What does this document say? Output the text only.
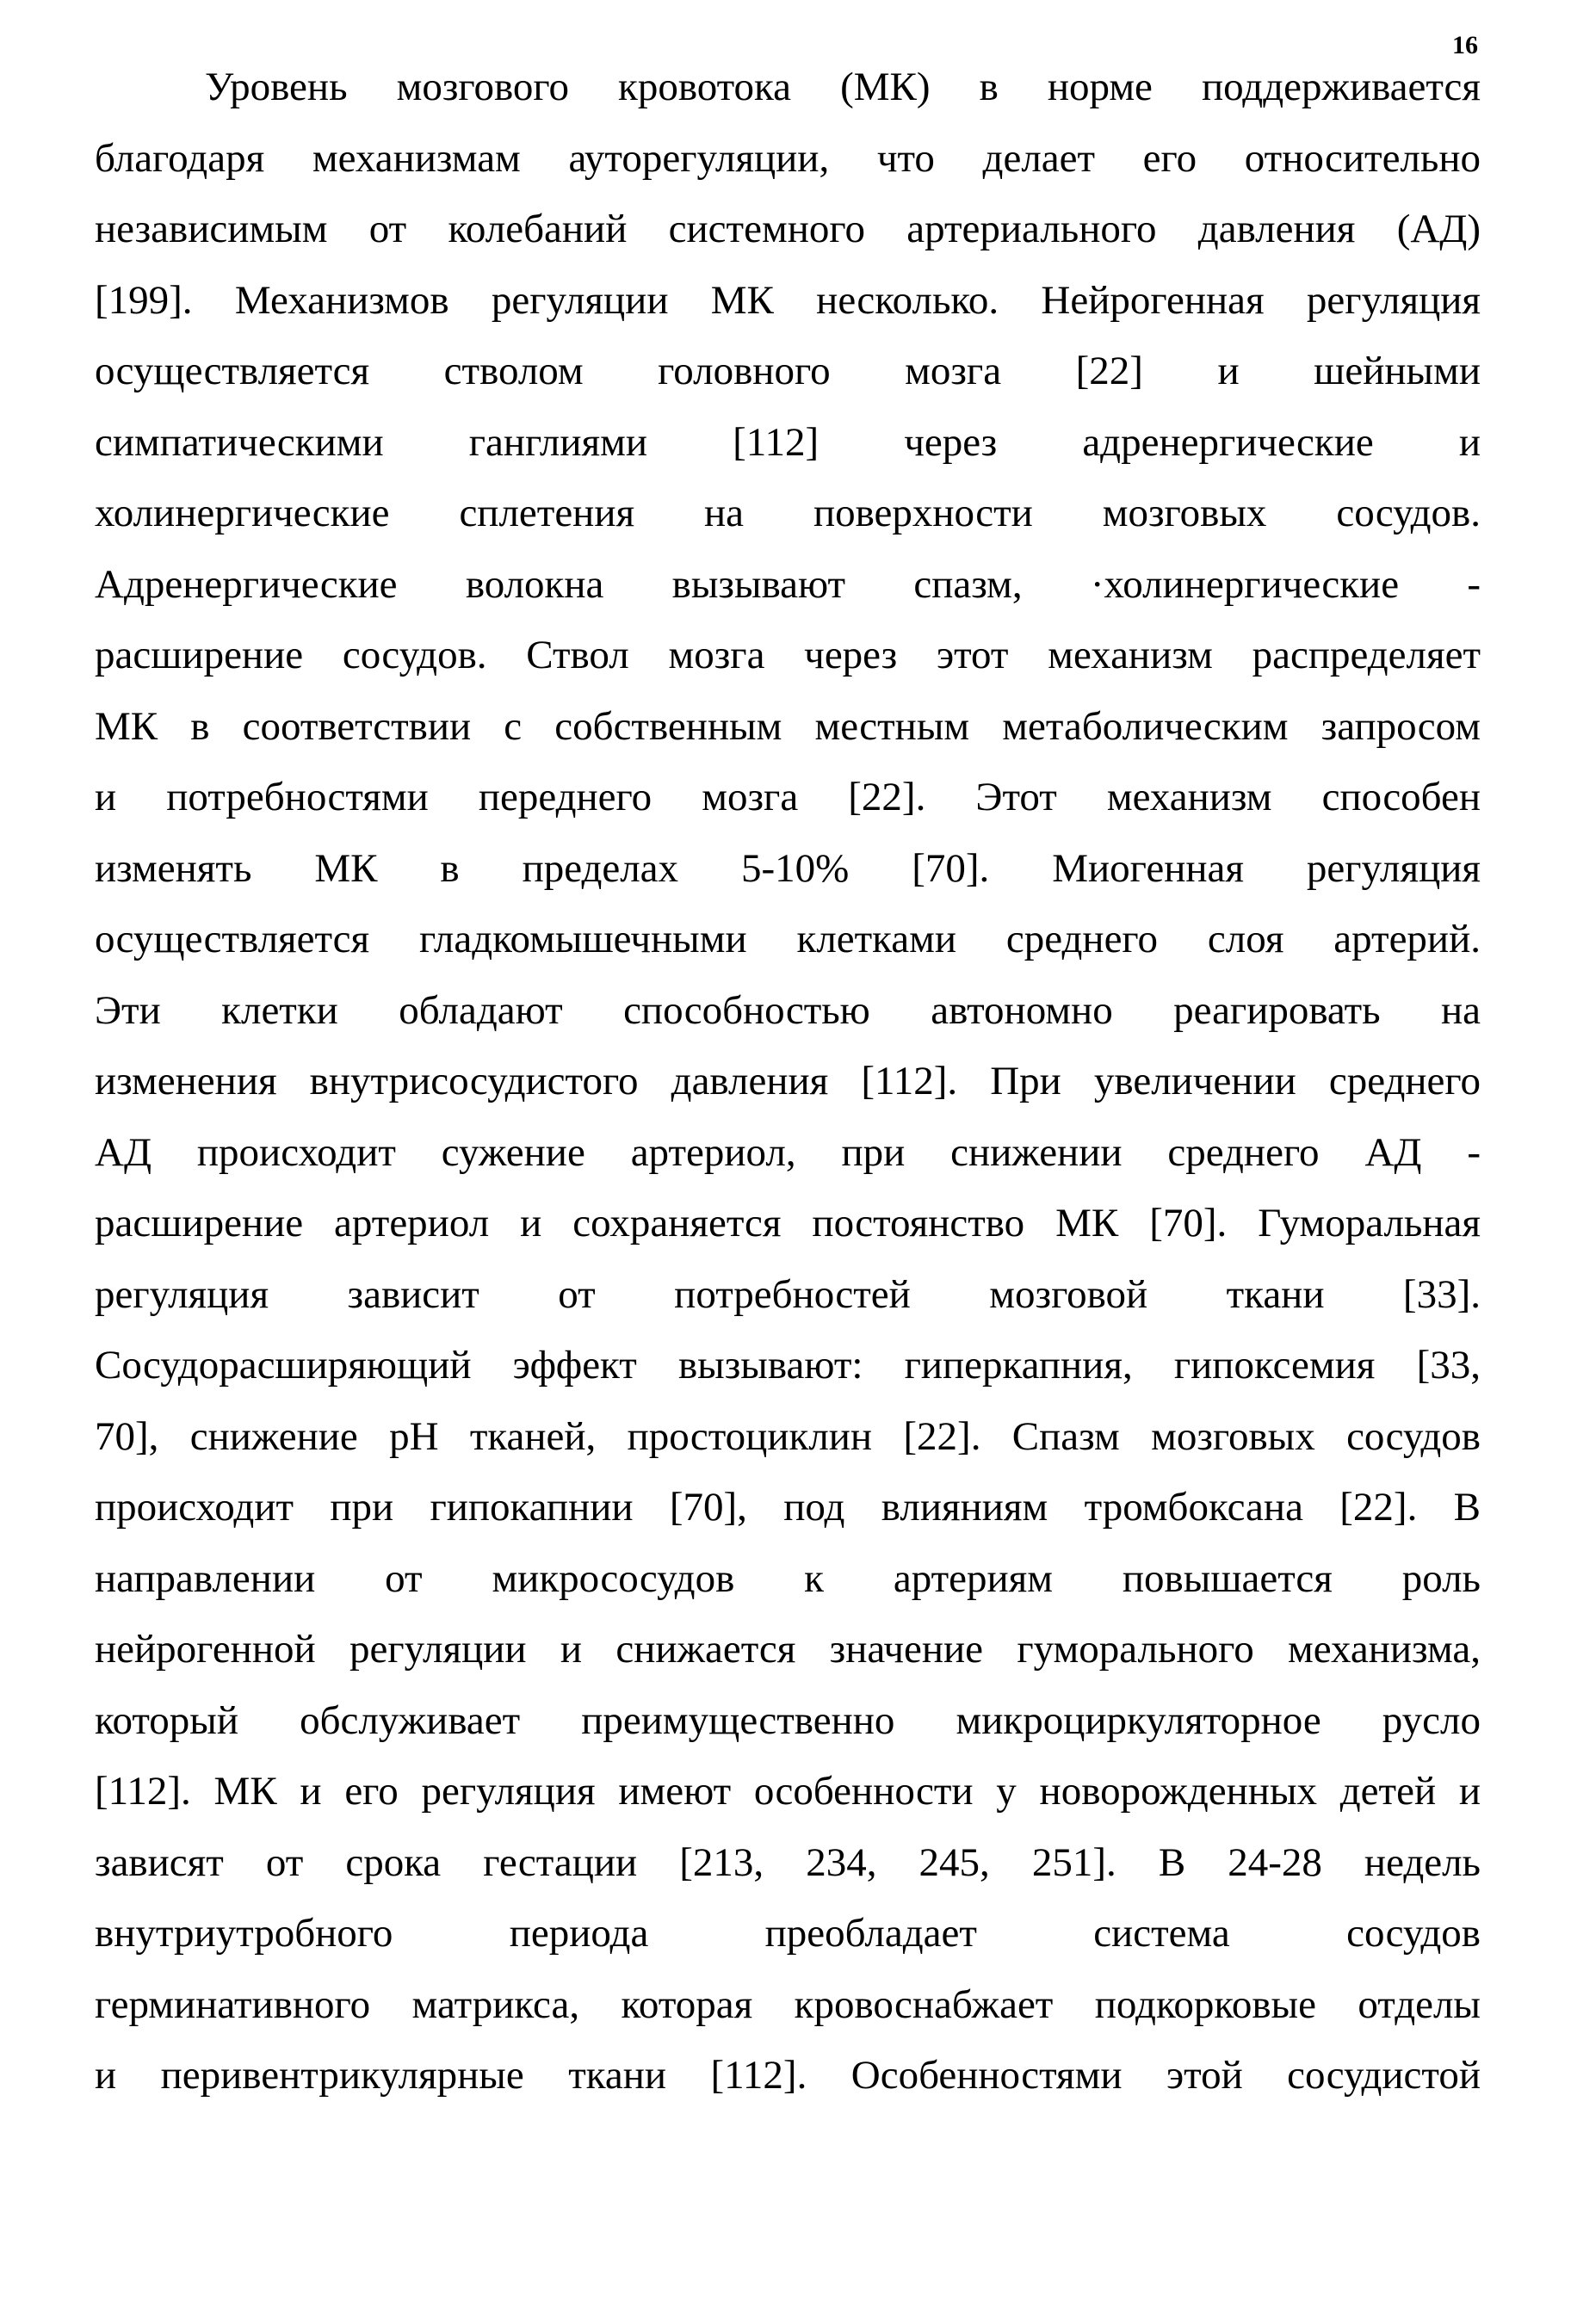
16
Уровень мозгового кровотока (МК) в норме поддерживается
благодаря механизмам ауторегуляции, что делает его относительно
независимым от колебаний системного артериального давления (АД)
[199]. Механизмов регуляции МК несколько. Нейрогенная регуляция
осуществляется стволом головного мозга [22] и шейными
симпатическими ганглиями [112] через адренергические и
холинергические сплетения на поверхности мозговых сосудов.
Адренергические волокна вызывают спазм, ·холинергические -
расширение сосудов. Ствол мозга через этот механизм распределяет
МК в соответствии с собственным местным метаболическим запросом
и потребностями переднего мозга [22]. Этот механизм способен
изменять МК в пределах 5-10% [70]. Миогенная регуляция
осуществляется гладкомышечными клетками среднего слоя артерий.
Эти клетки обладают способностью автономно реагировать на
изменения внутрисосудистого давления [112]. При увеличении среднего
АД происходит сужение артериол, при снижении среднего АД -
расширение артериол и сохраняется постоянство МК [70]. Гуморальная
регуляция зависит от потребностей мозговой ткани [33].
Сосудорасширяющий эффект вызывают: гиперкапния, гипоксемия [33,
70], снижение рН тканей, простоциклин [22]. Спазм мозговых сосудов
происходит при гипокапнии [70], под влияниям тромбоксана [22]. В
направлении от микрососудов к артериям повышается роль
нейрогенной регуляции и снижается значение гуморального механизма,
который обслуживает преимущественно микроциркуляторное русло
[112]. МК и его регуляция имеют особенности у новорожденных детей и
зависят от срока гестации [213, 234, 245, 251]. В 24-28 недель
внутриутробного периода преобладает система сосудов
герминативного матрикса, которая кровоснабжает подкорковые отделы
и перивентрикулярные ткани [112]. Особенностями этой сосудистой
